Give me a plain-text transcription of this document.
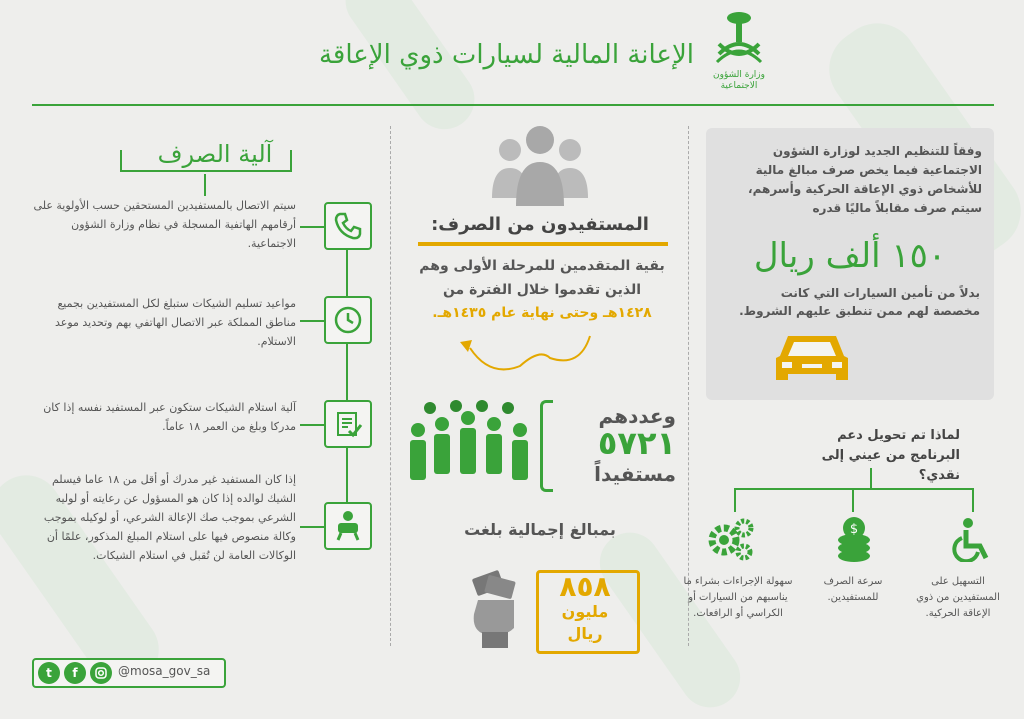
وزارة الشؤون الاجتماعية
الإعانة المالية لسيارات ذوي الإعاقة
وفقاً للتنظيم الجديد لوزارة الشؤون الاجتماعية فيما يخص صرف مبالغ مالية للأشخاص ذوي الإعاقة الحركية وأسرهم، سيتم صرف مقابلاً ماليًا قدره
١٥٠ ألف ريال
بدلاً من تأمين السيارات التي كانت مخصصة لهم ممن تنطبق عليهم الشروط.
لماذا تم تحويل دعم البرنامج من عيني إلى نقدي؟
$
التسهيل على المستفيدين من ذوي الإعاقة الحركية.
سرعة الصرف للمستفيدين.
سهولة الإجراءات بشراء ما يناسبهم من السيارات أو الكراسي أو الرافعات.
المستفيدون من الصرف:
بقية المتقدمين للمرحلة الأولى وهم الذين تقدموا خلال الفترة من
١٤٢٨هـ وحتى نهاية عام ١٤٣٥هـ.
وعددهم
٥٧٢١
مستفيداً
بمبالغ إجمالية بلغت
٨٥٨
مليون
ريال
آلية الصرف
سيتم الاتصال بالمستفيدين المستحقين حسب الأولوية على أرقامهم الهاتفية المسجلة في نظام وزارة الشؤون الاجتماعية.
مواعيد تسليم الشيكات ستبلغ لكل المستفيدين بجميع مناطق المملكة عبر الاتصال الهاتفي بهم وتحديد موعد الاستلام.
آلية استلام الشيكات ستكون عبر المستفيد نفسه إذا كان مدركا وبلغ من العمر ١٨ عاماً.
إذا كان المستفيد غير مدرك أو أقل من ١٨ عاما فيسلم الشيك لوالده إذا كان هو المسؤول عن رعايته أو لوليه الشرعي بموجب صك الإعالة الشرعي، أو لوكيله بموجب وكالة منصوص فيها على استلام المبلغ المذكور، علمًا أن الوكالات العامة لن تُقبل في استلام الشيكات.
t	f	@mosa_gov_sa
